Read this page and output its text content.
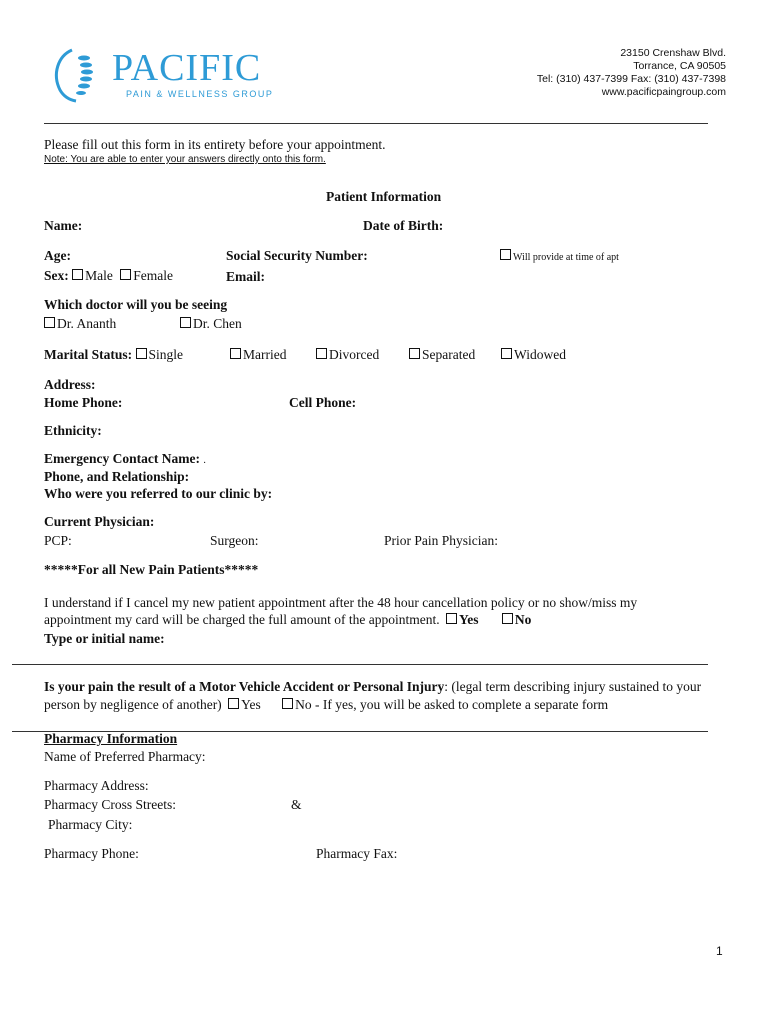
PACIFIC
PAIN & WELLNESS GROUP
23150 Crenshaw Blvd.
Torrance, CA 90505
Tel: (310) 437-7399 Fax: (310) 437-7398
www.pacificpaingroup.com
Please fill out this form in its entirety before your appointment.
Note: You are able to enter your answers directly onto this form.
Patient Information
Name:	Date of Birth:
Age:	Social Security Number:	Will provide at time of apt
Sex: Male Female	Email:
Which doctor will you be seeing
Dr. Ananth	Dr. Chen
Marital Status: Single	Married	Divorced	Separated	Widowed
Address:
Home Phone:	Cell Phone:
Ethnicity:
Emergency Contact Name: .
Phone, and Relationship:
Who were you referred to our clinic by:
Current Physician:
PCP:	Surgeon:	Prior Pain Physician:
*****For all New Pain Patients*****
I understand if I cancel my new patient appointment after the 48 hour cancellation policy or no show/miss my
appointment my card will be charged the full amount of the appointment. Yes	No
Type or initial name:
Is your pain the result of a Motor Vehicle Accident or Personal Injury: (legal term describing injury sustained to your
person by negligence of another) Yes	No - If yes, you will be asked to complete a separate form
Pharmacy Information
Name of Preferred Pharmacy:
Pharmacy Address:
Pharmacy Cross Streets:	&
Pharmacy City:
Pharmacy Phone:	Pharmacy Fax:
1
